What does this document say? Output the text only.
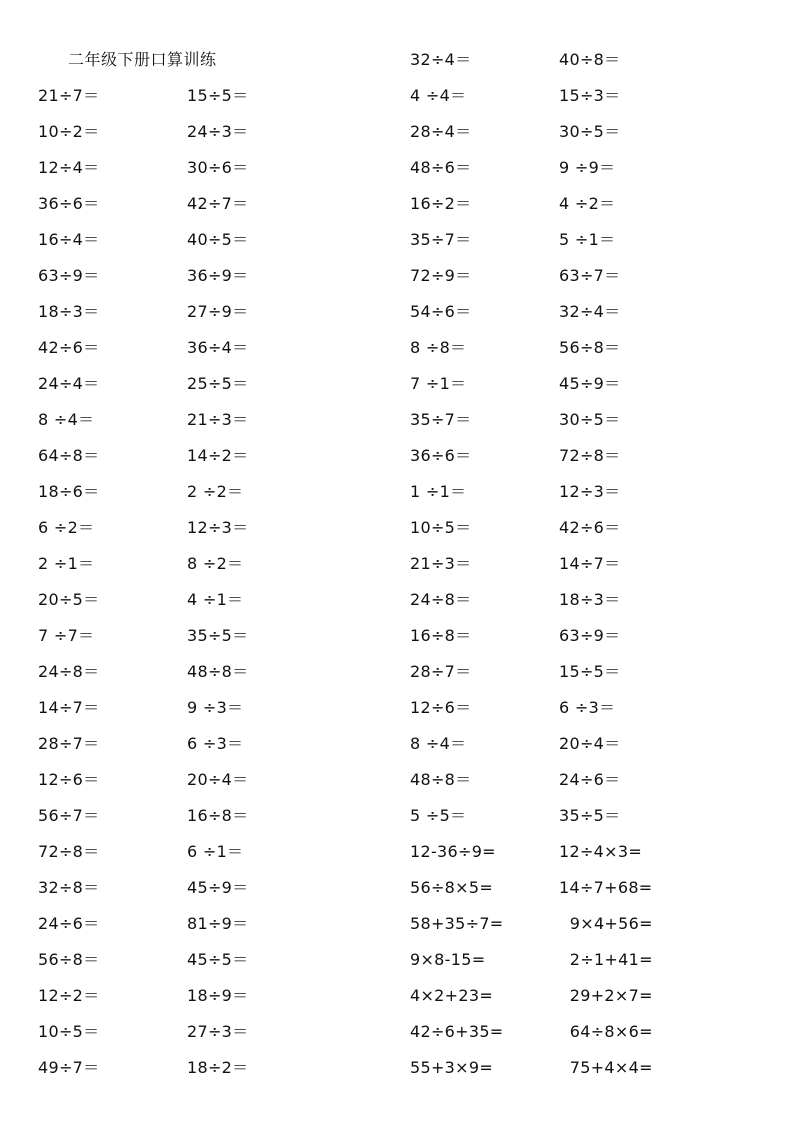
二年级下册口算训练
21÷7＝
10÷2＝
12÷4＝
36÷6＝
16÷4＝
63÷9＝
18÷3＝
42÷6＝
24÷4＝
8 ÷4＝
64÷8＝
18÷6＝
6 ÷2＝
2 ÷1＝
20÷5＝
7 ÷7＝
24÷8＝
14÷7＝
28÷7＝
12÷6＝
56÷7＝
72÷8＝
32÷8＝
24÷6＝
56÷8＝
12÷2＝
10÷5＝
49÷7＝
15÷5＝
24÷3＝
30÷6＝
42÷7＝
40÷5＝
36÷9＝
27÷9＝
36÷4＝
25÷5＝
21÷3＝
14÷2＝
2 ÷2＝
12÷3＝
8 ÷2＝
4 ÷1＝
35÷5＝
48÷8＝
9 ÷3＝
6 ÷3＝
20÷4＝
16÷8＝
6 ÷1＝
45÷9＝
81÷9＝
45÷5＝
18÷9＝
27÷3＝
18÷2＝
32÷4＝
4 ÷4＝
28÷4＝
48÷6＝
16÷2＝
35÷7＝
72÷9＝
54÷6＝
8 ÷8＝
7 ÷1＝
35÷7＝
36÷6＝
1 ÷1＝
10÷5＝
21÷3＝
24÷8＝
16÷8＝
28÷7＝
12÷6＝
8 ÷4＝
48÷8＝
5 ÷5＝
12-36÷9=
56÷8×5=
58+35÷7=
9×8-15=
4×2+23=
42÷6+35=
55+3×9=
40÷8＝
15÷3＝
30÷5＝
9 ÷9＝
4 ÷2＝
5 ÷1＝
63÷7＝
32÷4＝
56÷8＝
45÷9＝
30÷5＝
72÷8＝
12÷3＝
42÷6＝
14÷7＝
18÷3＝
63÷9＝
15÷5＝
6 ÷3＝
20÷4＝
24÷6＝
35÷5＝
12÷4×3=
14÷7+68=
9×4+56=
2÷1+41=
29+2×7=
64÷8×6=
75+4×4=
